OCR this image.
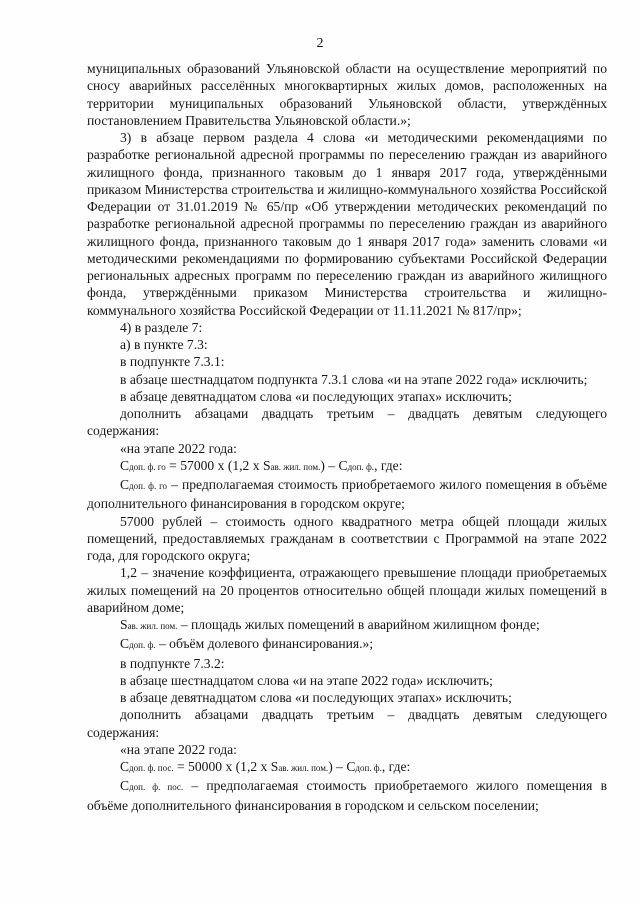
2

муниципальных образований Ульяновской области на осуществление мероприятий по сносу аварийных расселённых многоквартирных жилых домов, расположенных на территории муниципальных образований Ульяновской области, утверждённых постановлением Правительства Ульяновской области.»;

3) в абзаце первом раздела 4 слова «и методическими рекомендациями по разработке региональной адресной программы по переселению граждан из аварийного жилищного фонда, признанного таковым до 1 января 2017 года, утверждёнными приказом Министерства строительства и жилищно-коммунального хозяйства Российской Федерации от 31.01.2019 № 65/пр «Об утверждении методических рекомендаций по разработке региональной адресной программы по переселению граждан из аварийного жилищного фонда, признанного таковым до 1 января 2017 года» заменить словами «и методическими рекомендациями по формированию субъектами Российской Федерации региональных адресных программ по переселению граждан из аварийного жилищного фонда, утверждёнными приказом Министерства строительства и жилищно-коммунального хозяйства Российской Федерации от 11.11.2021 № 817/пр»;

4) в разделе 7:

а) в пункте 7.3:

в подпункте 7.3.1:

в абзаце шестнадцатом подпункта 7.3.1 слова «и на этапе 2022 года» исключить;

в абзаце девятнадцатом слова «и последующих этапах» исключить;

дополнить абзацами двадцать третьим – двадцать девятым следующего содержания:

«на этапе 2022 года:

Сдоп. ф. го = 57000 х (1,2 х Sав. жил. пом.) – Сдоп. ф., где:

Сдоп. ф. го – предполагаемая стоимость приобретаемого жилого помещения в объёме дополнительного финансирования в городском округе;

57000 рублей – стоимость одного квадратного метра общей площади жилых помещений, предоставляемых гражданам в соответствии с Программой на этапе 2022 года, для городского округа;

1,2 – значение коэффициента, отражающего превышение площади приобретаемых жилых помещений на 20 процентов относительно общей площади жилых помещений в аварийном доме;

Sав. жил. пом. – площадь жилых помещений в аварийном жилищном фонде;

Сдоп. ф. – объём долевого финансирования.»;

в подпункте 7.3.2:

в абзаце шестнадцатом слова «и на этапе 2022 года» исключить;

в абзаце девятнадцатом слова «и последующих этапах» исключить;

дополнить абзацами двадцать третьим – двадцать девятым следующего содержания:

«на этапе 2022 года:

Сдоп. ф. пос. = 50000 х (1,2 х Sав. жил. пом.) – Сдоп. ф., где:

Сдоп. ф. пос. – предполагаемая стоимость приобретаемого жилого помещения в объёме дополнительного финансирования в городском и сельском поселении;
